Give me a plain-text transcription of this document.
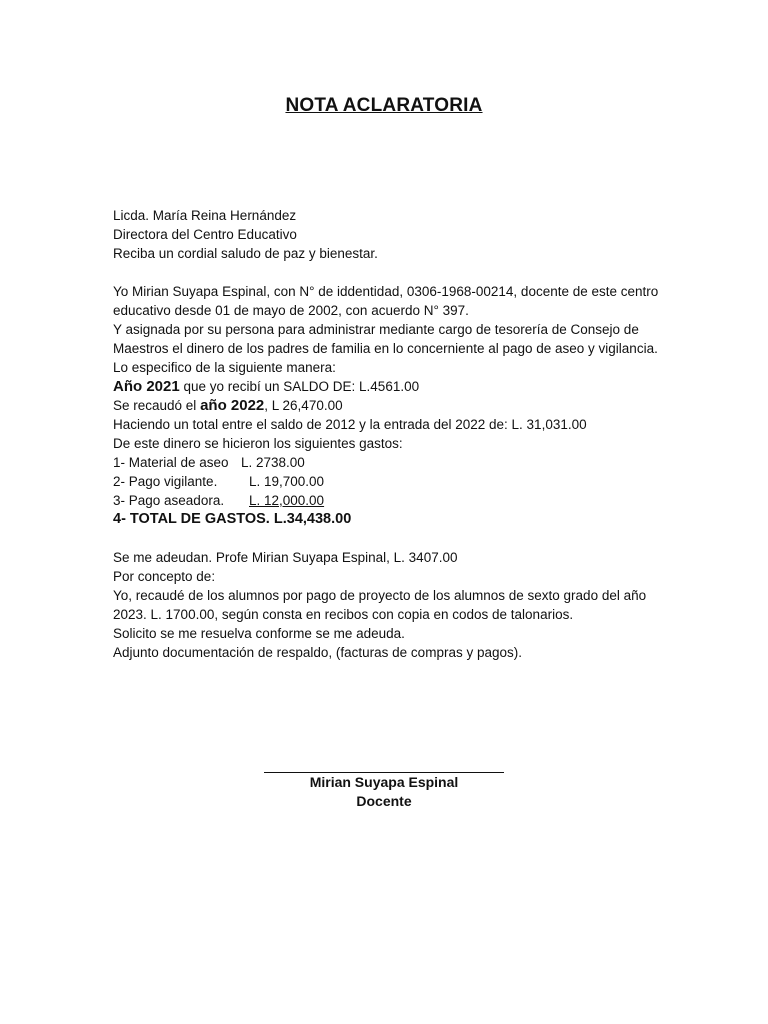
NOTA ACLARATORIA
Licda. María Reina Hernández
Directora del Centro Educativo
Reciba un cordial saludo de paz y bienestar.
Yo Mirian Suyapa Espinal, con N° de iddentidad, 0306-1968-00214, docente de este centro educativo desde 01 de mayo de 2002, con acuerdo N° 397.
Y asignada por su persona para administrar mediante cargo de tesorería de Consejo de Maestros el dinero de los padres de familia en lo concerniente al pago de aseo y vigilancia.
Lo especifico de la siguiente manera:
Año 2021 que yo recibí un SALDO DE: L.4561.00
Se recaudó el año 2022, L 26,470.00
Haciendo un total entre el saldo de 2012 y la entrada del 2022 de: L. 31,031.00
De este dinero se hicieron los siguientes gastos:
1- Material de aseo L. 2738.00
2- Pago vigilante. L. 19,700.00
3- Pago aseadora. L. 12,000.00
4- TOTAL DE GASTOS. L.34,438.00
Se me adeudan. Profe Mirian Suyapa Espinal, L. 3407.00
Por concepto de:
Yo, recaudé de los alumnos por pago de proyecto de los alumnos de sexto grado del año 2023. L. 1700.00, según consta en recibos con copia en codos de talonarios.
Solicito se me resuelva conforme se me adeuda.
Adjunto documentación de respaldo, (facturas de compras y pagos).
Mirian Suyapa Espinal
Docente
